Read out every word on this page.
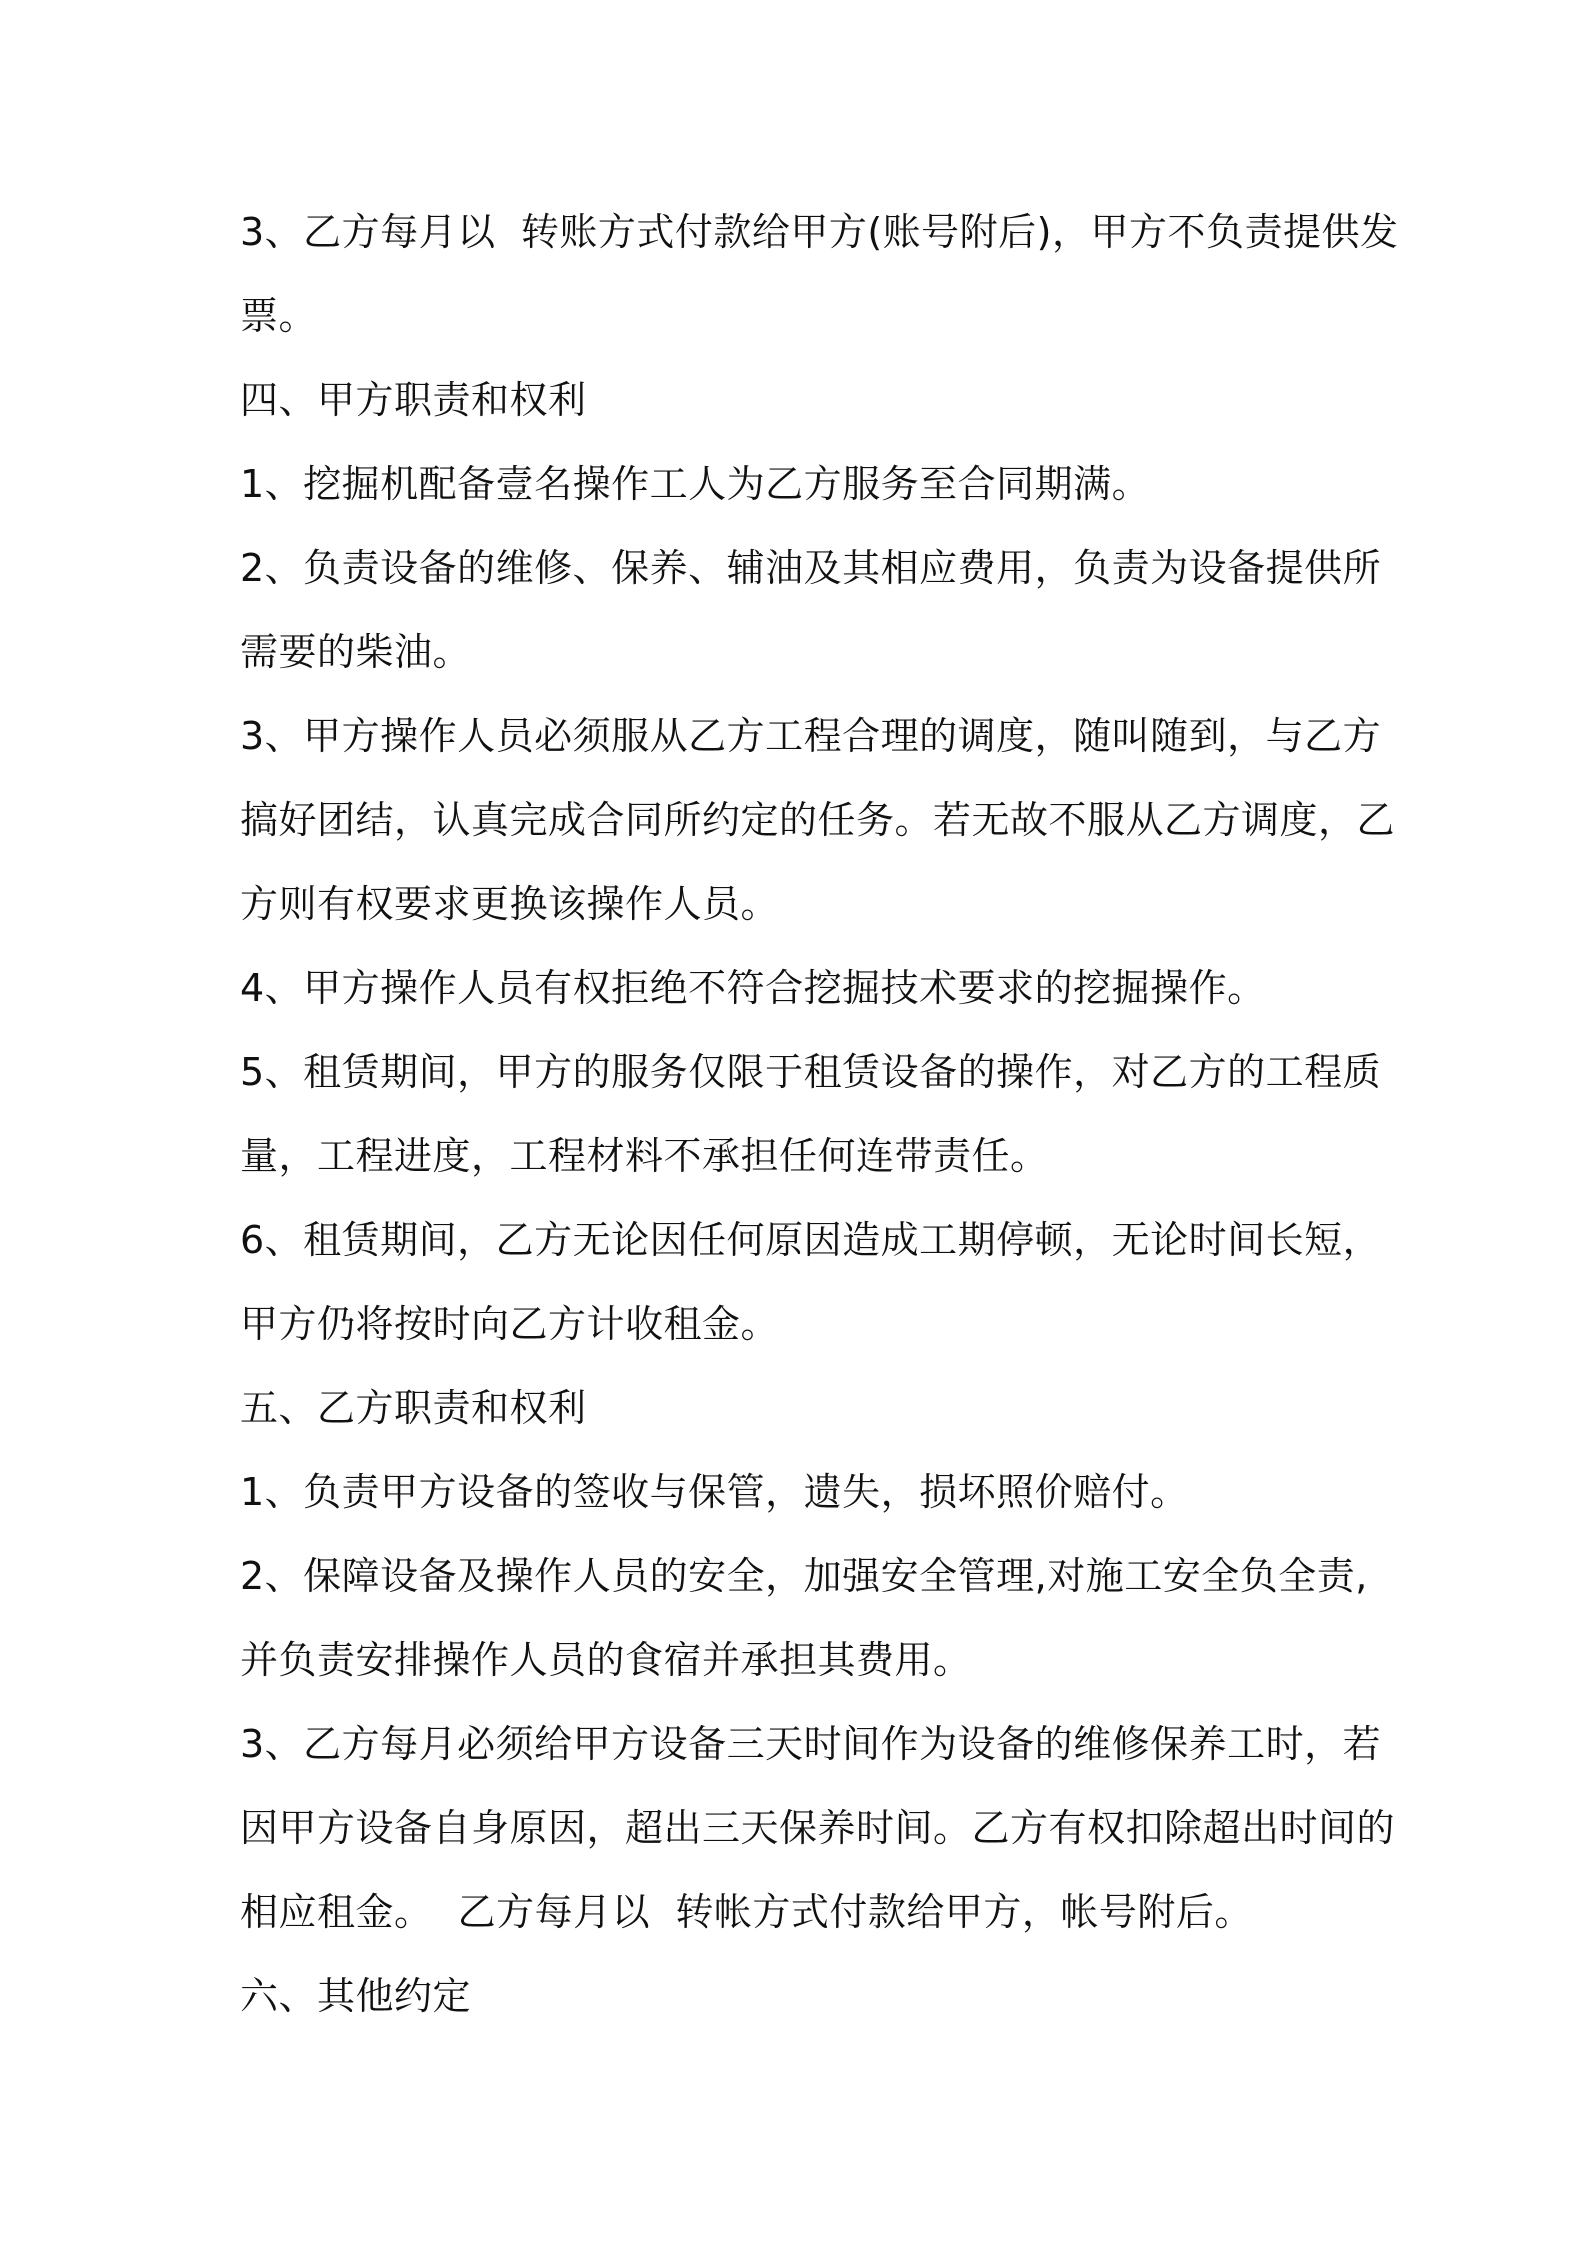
3、乙方每月以  转账方式付款给甲方(账号附后)，甲方不负责提供发
票。

四、甲方职责和权利

1、挖掘机配备壹名操作工人为乙方服务至合同期满。

2、负责设备的维修、保养、辅油及其相应费用，负责为设备提供所
需要的柴油。

3、甲方操作人员必须服从乙方工程合理的调度，随叫随到，与乙方
搞好团结，认真完成合同所约定的任务。若无故不服从乙方调度，乙
方则有权要求更换该操作人员。

4、甲方操作人员有权拒绝不符合挖掘技术要求的挖掘操作。

5、租赁期间，甲方的服务仅限于租赁设备的操作，对乙方的工程质
量，工程进度，工程材料不承担任何连带责任。

6、租赁期间，乙方无论因任何原因造成工期停顿，无论时间长短，
甲方仍将按时向乙方计收租金。

五、乙方职责和权利

1、负责甲方设备的签收与保管，遗失，损坏照价赔付。

2、保障设备及操作人员的安全，加强安全管理,对施工安全负全责,
并负责安排操作人员的食宿并承担其费用。

3、乙方每月必须给甲方设备三天时间作为设备的维修保养工时，若
因甲方设备自身原因，超出三天保养时间。乙方有权扣除超出时间的
相应租金。  乙方每月以  转帐方式付款给甲方，帐号附后。

六、其他约定
